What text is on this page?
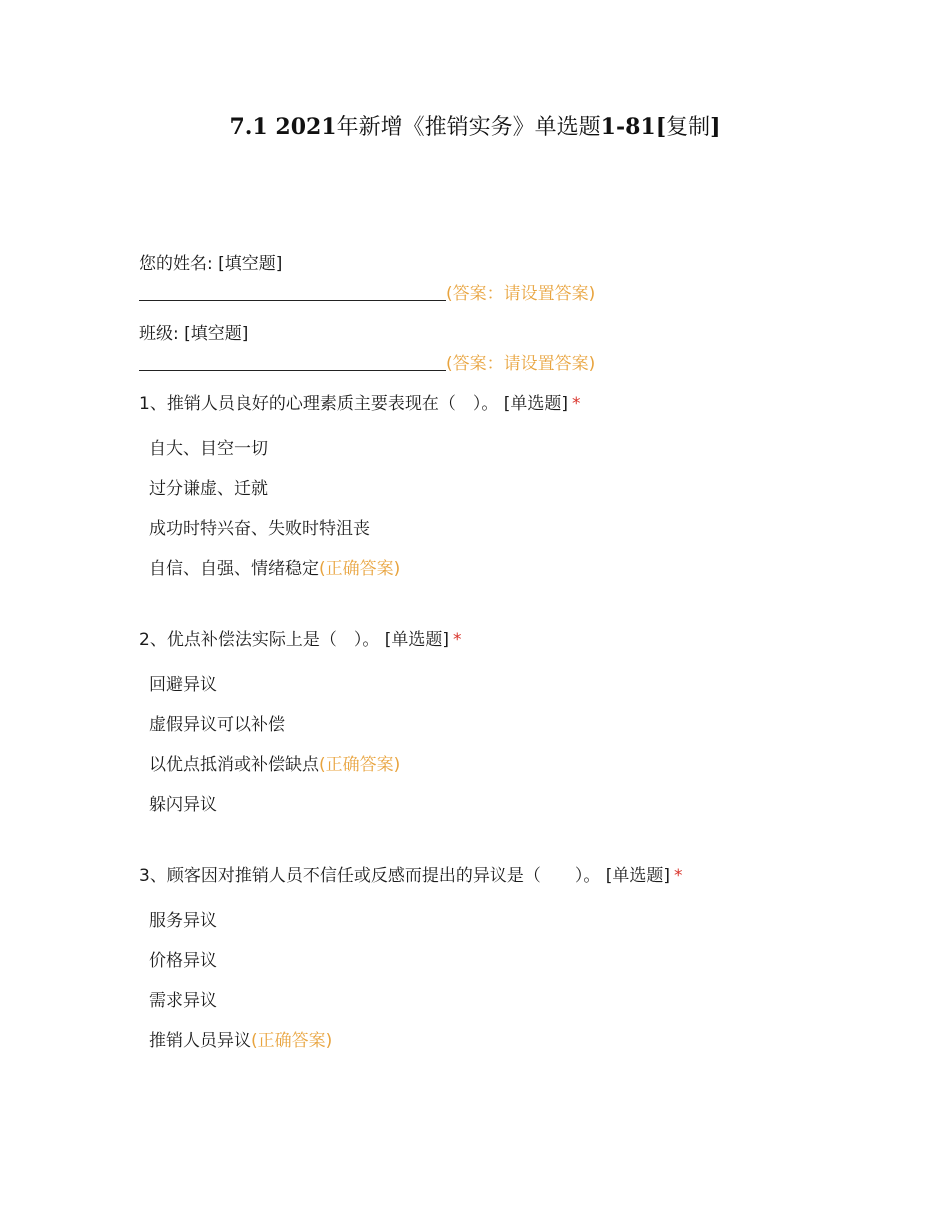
7.1 2021年新增《推销实务》单选题1-81[复制]
您的姓名: [填空题]
(答案：请设置答案)
班级: [填空题]
(答案：请设置答案)
1、推销人员良好的心理素质主要表现在（　）。 [单选题] *
自大、目空一切
过分谦虚、迁就
成功时特兴奋、失败时特沮丧
自信、自强、情绪稳定(正确答案)
2、优点补偿法实际上是（　）。 [单选题] *
回避异议
虚假异议可以补偿
以优点抵消或补偿缺点(正确答案)
躲闪异议
3、顾客因对推销人员不信任或反感而提出的异议是（　　）。 [单选题] *
服务异议
价格异议
需求异议
推销人员异议(正确答案)
